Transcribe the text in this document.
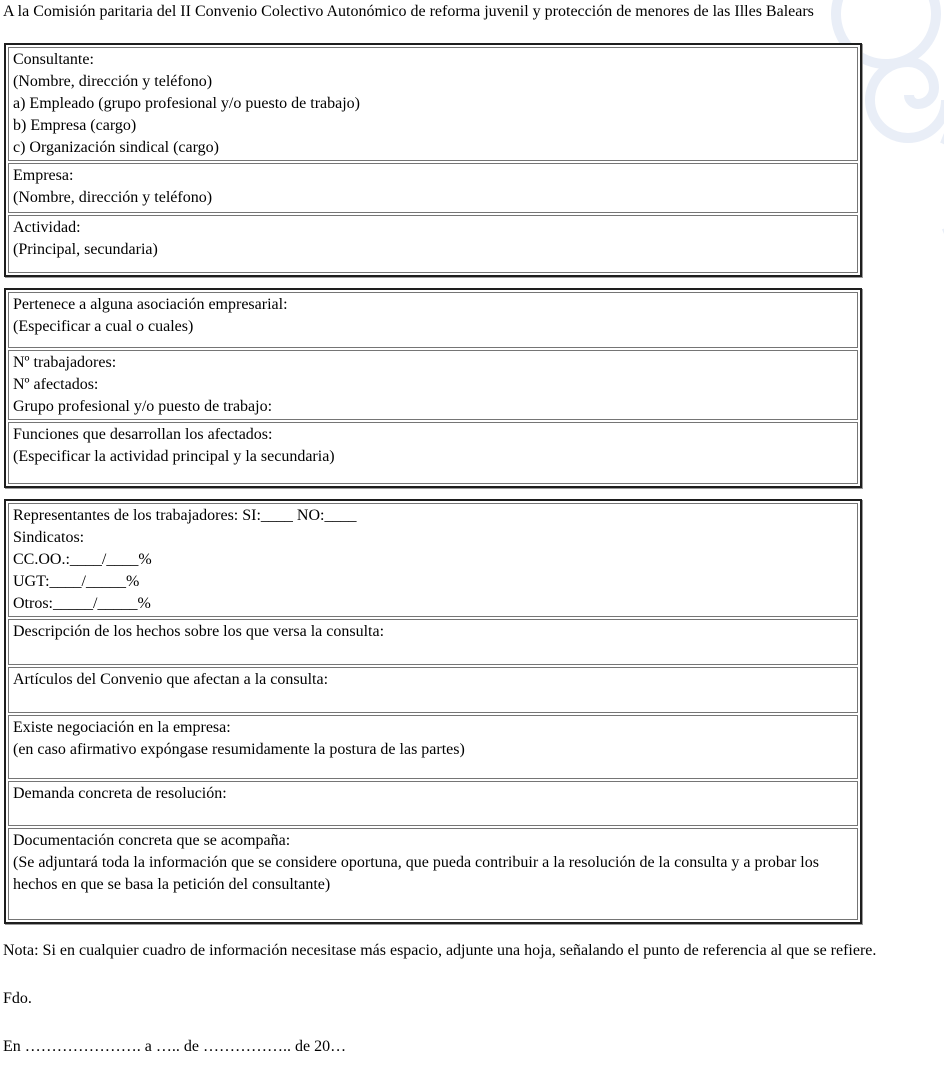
A la Comisión paritaria del II Convenio Colectivo Autonómico de reforma juvenil y protección de menores de las Illes Balears

Consultante:
(Nombre, dirección y teléfono)
a) Empleado (grupo profesional y/o puesto de trabajo)
b) Empresa (cargo)
c) Organización sindical (cargo)

Empresa:
(Nombre, dirección y teléfono)

Actividad:
(Principal, secundaria)
Pertenece a alguna asociación empresarial:
(Especificar a cual o cuales)

Nº trabajadores:
Nº afectados:
Grupo profesional y/o puesto de trabajo:

Funciones que desarrollan los afectados:
(Especificar la actividad principal y la secundaria)
Representantes de los trabajadores: SI:____ NO:____
Sindicatos:
CC.OO.:____/____%
UGT:____/_____%
Otros:_____/_____%

Descripción de los hechos sobre los que versa la consulta:

Artículos del Convenio que afectan a la consulta:

Existe negociación en la empresa:
(en caso afirmativo expóngase resumidamente la postura de las partes)

Demanda concreta de resolución:

Documentación concreta que se acompaña:
(Se adjuntará toda la información que se considere oportuna, que pueda contribuir a la resolución de la consulta y a probar los hechos en que se basa la petición del consultante)

Nota: Si en cualquier cuadro de información necesitase más espacio, adjunte una hoja, señalando el punto de referencia al que se refiere.

Fdo.

En …………………. a ….. de …………….. de 20…
